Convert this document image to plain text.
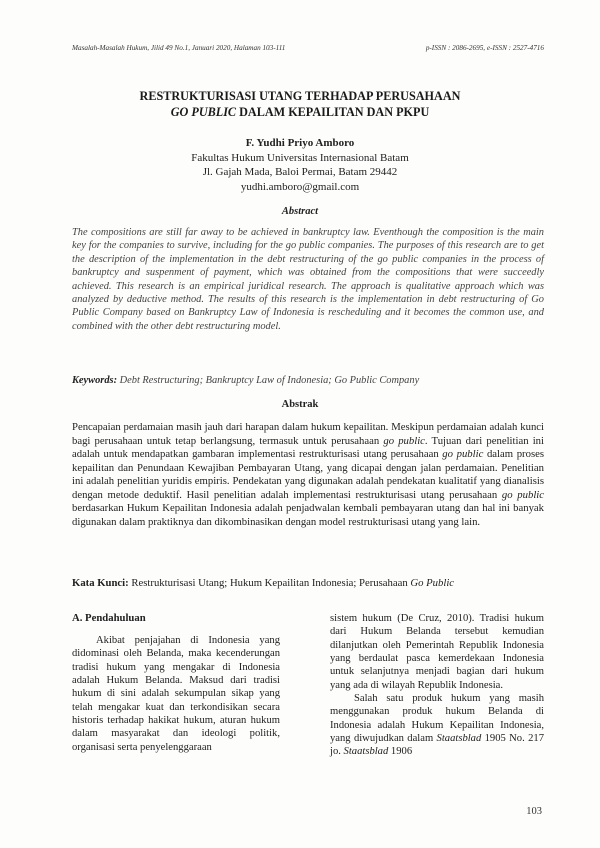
Masalah-Masalah Hukum, Jilid 49 No.1, Januari 2020, Halaman 103-111	p-ISSN : 2086-2695, e-ISSN : 2527-4716
RESTRUKTURISASI UTANG TERHADAP PERUSAHAAN
GO PUBLIC DALAM KEPAILITAN DAN PKPU
F. Yudhi Priyo Amboro
Fakultas Hukum Universitas Internasional Batam
Jl. Gajah Mada, Baloi Permai, Batam 29442
yudhi.amboro@gmail.com
Abstract
The compositions are still far away to be achieved in bankruptcy law. Eventhough the composition is the main key for the companies to survive, including for the go public companies. The purposes of this research are to get the description of the implementation in the debt restructuring of the go public companies in the process of bankruptcy and suspenment of payment, which was obtained from the compositions that were succeedly achieved. This research is an empirical juridical research. The approach is qualitative approach which was analyzed by deductive method. The results of this research is the implementation in debt restructuring of Go Public Company based on Bankruptcy Law of Indonesia is rescheduling and it becomes the common use, and combined with the other debt restructuring model.
Keywords: Debt Restructuring; Bankruptcy Law of Indonesia; Go Public Company
Abstrak
Pencapaian perdamaian masih jauh dari harapan dalam hukum kepailitan. Meskipun perdamaian adalah kunci bagi perusahaan untuk tetap berlangsung, termasuk untuk perusahaan go public. Tujuan dari penelitian ini adalah untuk mendapatkan gambaran implementasi restrukturisasi utang perusahaan go public dalam proses kepailitan dan Penundaan Kewajiban Pembayaran Utang, yang dicapai dengan jalan perdamaian. Penelitian ini adalah penelitian yuridis empiris. Pendekatan yang digunakan adalah pendekatan kualitatif yang dianalisis dengan metode deduktif. Hasil penelitian adalah implementasi restrukturisasi utang perusahaan go public berdasarkan Hukum Kepailitan Indonesia adalah penjadwalan kembali pembayaran utang dan hal ini banyak digunakan dalam praktiknya dan dikombinasikan dengan model restrukturisasi utang yang lain.
Kata Kunci: Restrukturisasi Utang; Hukum Kepailitan Indonesia; Perusahaan Go Public
A. Pendahuluan

Akibat penjajahan di Indonesia yang didominasi oleh Belanda, maka kecenderungan tradisi hukum yang mengakar di Indonesia adalah Hukum Belanda. Maksud dari tradisi hukum di sini adalah sekumpulan sikap yang telah mengakar kuat dan terkondisikan secara historis terhadap hakikat hukum, aturan hukum dalam masyarakat dan ideologi politik, organisasi serta penyelenggaraan

sistem hukum (De Cruz, 2010). Tradisi hukum dari Hukum Belanda tersebut kemudian dilanjutkan oleh Pemerintah Republik Indonesia yang berdaulat pasca kemerdekaan Indonesia untuk selanjutnya menjadi bagian dari hukum yang ada di wilayah Republik Indonesia.

Salah satu produk hukum yang masih menggunakan produk hukum Belanda di Indonesia adalah Hukum Kepailitan Indonesia, yang diwujudkan dalam Staatsblad 1905 No. 217 jo. Staatsblad 1906

103
